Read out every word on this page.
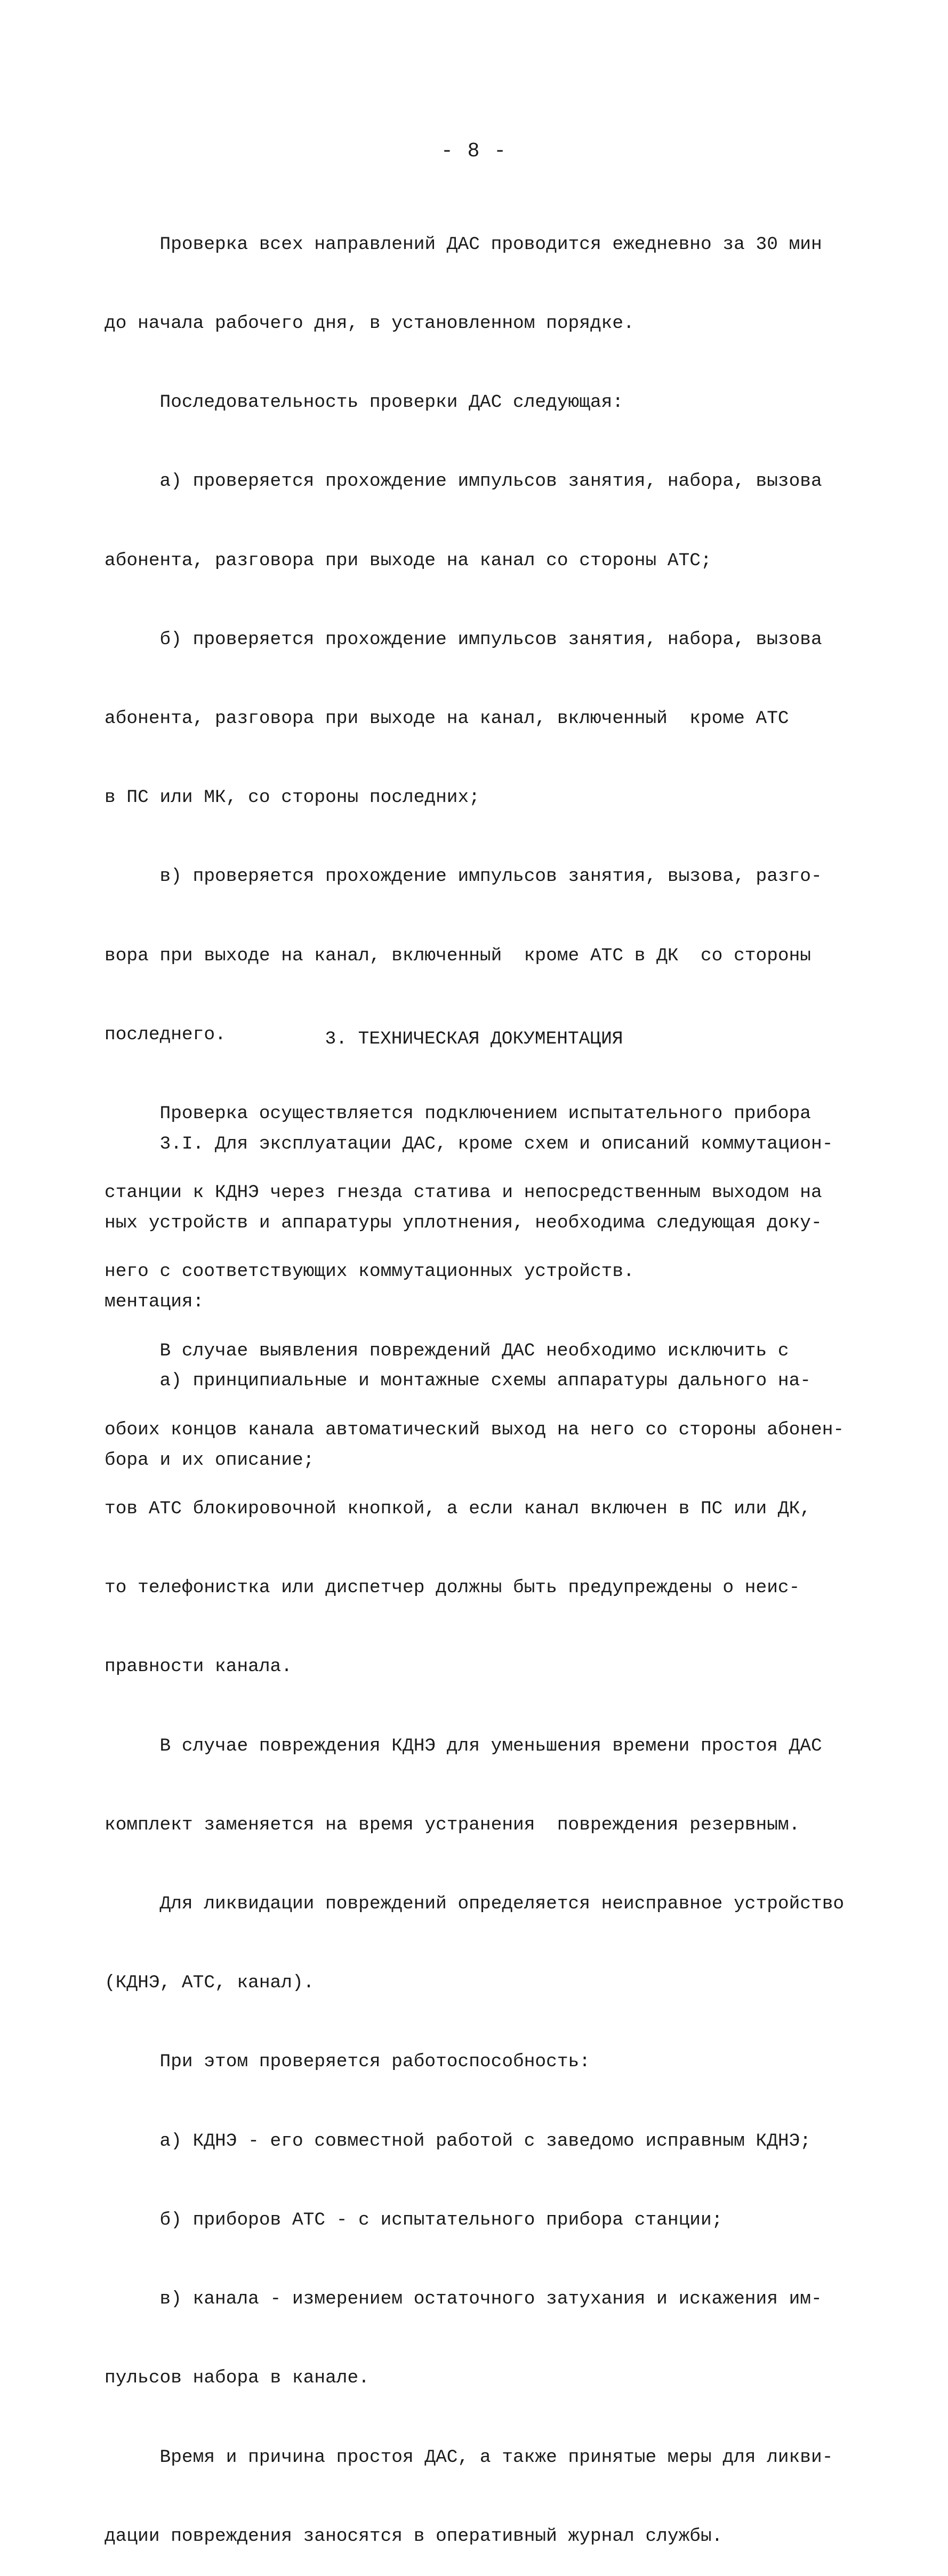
- 8 -

Проверка всех направлений ДАС проводится ежедневно за 30 мин

до начала рабочего дня, в установленном порядке.

Последовательность проверки ДАС следующая:

а) проверяется прохождение импульсов занятия, набора, вызова

абонента, разговора при выходе на канал со стороны АТС;

б) проверяется прохождение импульсов занятия, набора, вызова

абонента, разговора при выходе на канал, включенный  кроме АТС

в ПС или МК, со стороны последних;

в) проверяется прохождение импульсов занятия, вызова, разго-

вора при выходе на канал, включенный  кроме АТС в ДК  со стороны

последнего.

Проверка осуществляется подключением испытательного прибора

станции к КДНЭ через гнезда статива и непосредственным выходом на

него с соответствующих коммутационных устройств.

В случае выявления повреждений ДАС необходимо исключить с

обоих концов канала автоматический выход на него со стороны абонен-

тов АТС блокировочной кнопкой, а если канал включен в ПС или ДК,

то телефонистка или диспетчер должны быть предупреждены о неис-

правности канала.

В случае повреждения КДНЭ для уменьшения времени простоя ДАС

комплект заменяется на время устранения  повреждения резервным.

Для ликвидации повреждений определяется неисправное устройство

(КДНЭ, АТС, канал).

При этом проверяется работоспособность:

а) КДНЭ - его совместной работой с заведомо исправным КДНЭ;

б) приборов АТС - с испытательного прибора станции;

в) канала - измерением остаточного затухания и искажения им-

пульсов набора в канале.

Время и причина простоя ДАС, а также принятые меры для ликви-

дации повреждения заносятся в оперативный журнал службы.

3. ТЕХНИЧЕСКАЯ ДОКУМЕНТАЦИЯ

3.I. Для эксплуатации ДАС, кроме схем и описаний коммутацион-

ных устройств и аппаратуры уплотнения, необходима следующая доку-

ментация:

а) принципиальные и монтажные схемы аппаратуры дального на-

бора и их описание;
